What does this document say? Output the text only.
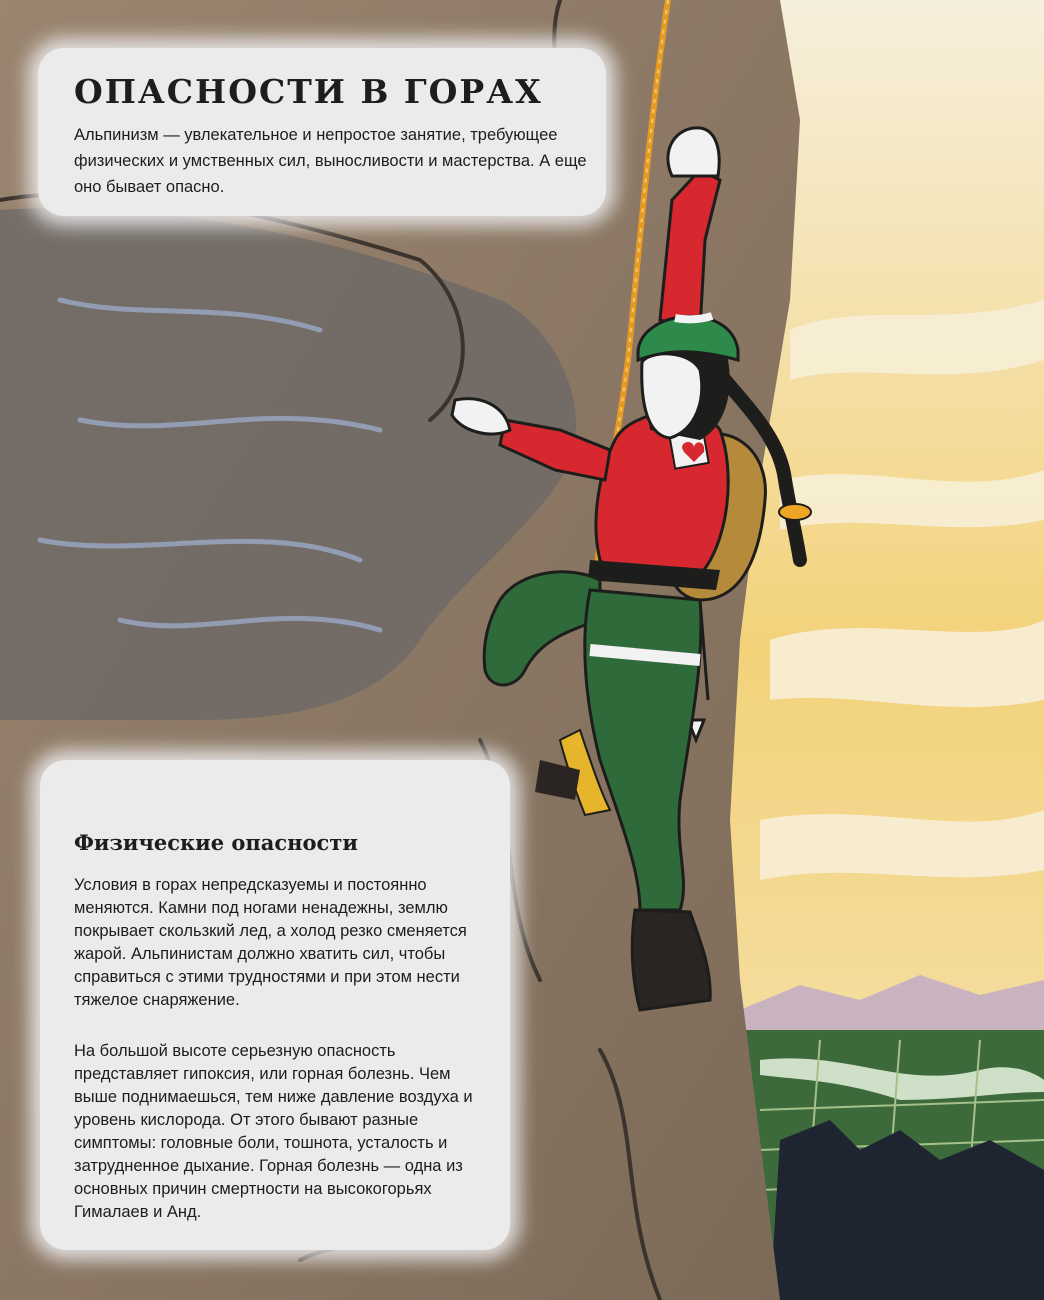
ОПАСНОСТИ В ГОРАХ

Альпинизм — увлекательное и непростое занятие, требующее физических и умственных сил, выносливости и мастерства. А еще оно бывает опасно.

Физические опасности

Условия в горах непредсказуемы и постоянно меняются. Камни под ногами ненадежны, землю покрывает скользкий лед, а холод резко сменяется жарой. Альпинистам должно хватить сил, чтобы справиться с этими трудностями и при этом нести тяжелое снаряжение.

На большой высоте серьезную опасность представляет гипоксия, или горная болезнь. Чем выше поднимаешься, тем ниже давление воздуха и уровень кислорода. От этого бывают разные симптомы: головные боли, тошнота, усталость и затрудненное дыхание. Горная болезнь — одна из основных причин смертности на высокогорьях Гималаев и Анд.
